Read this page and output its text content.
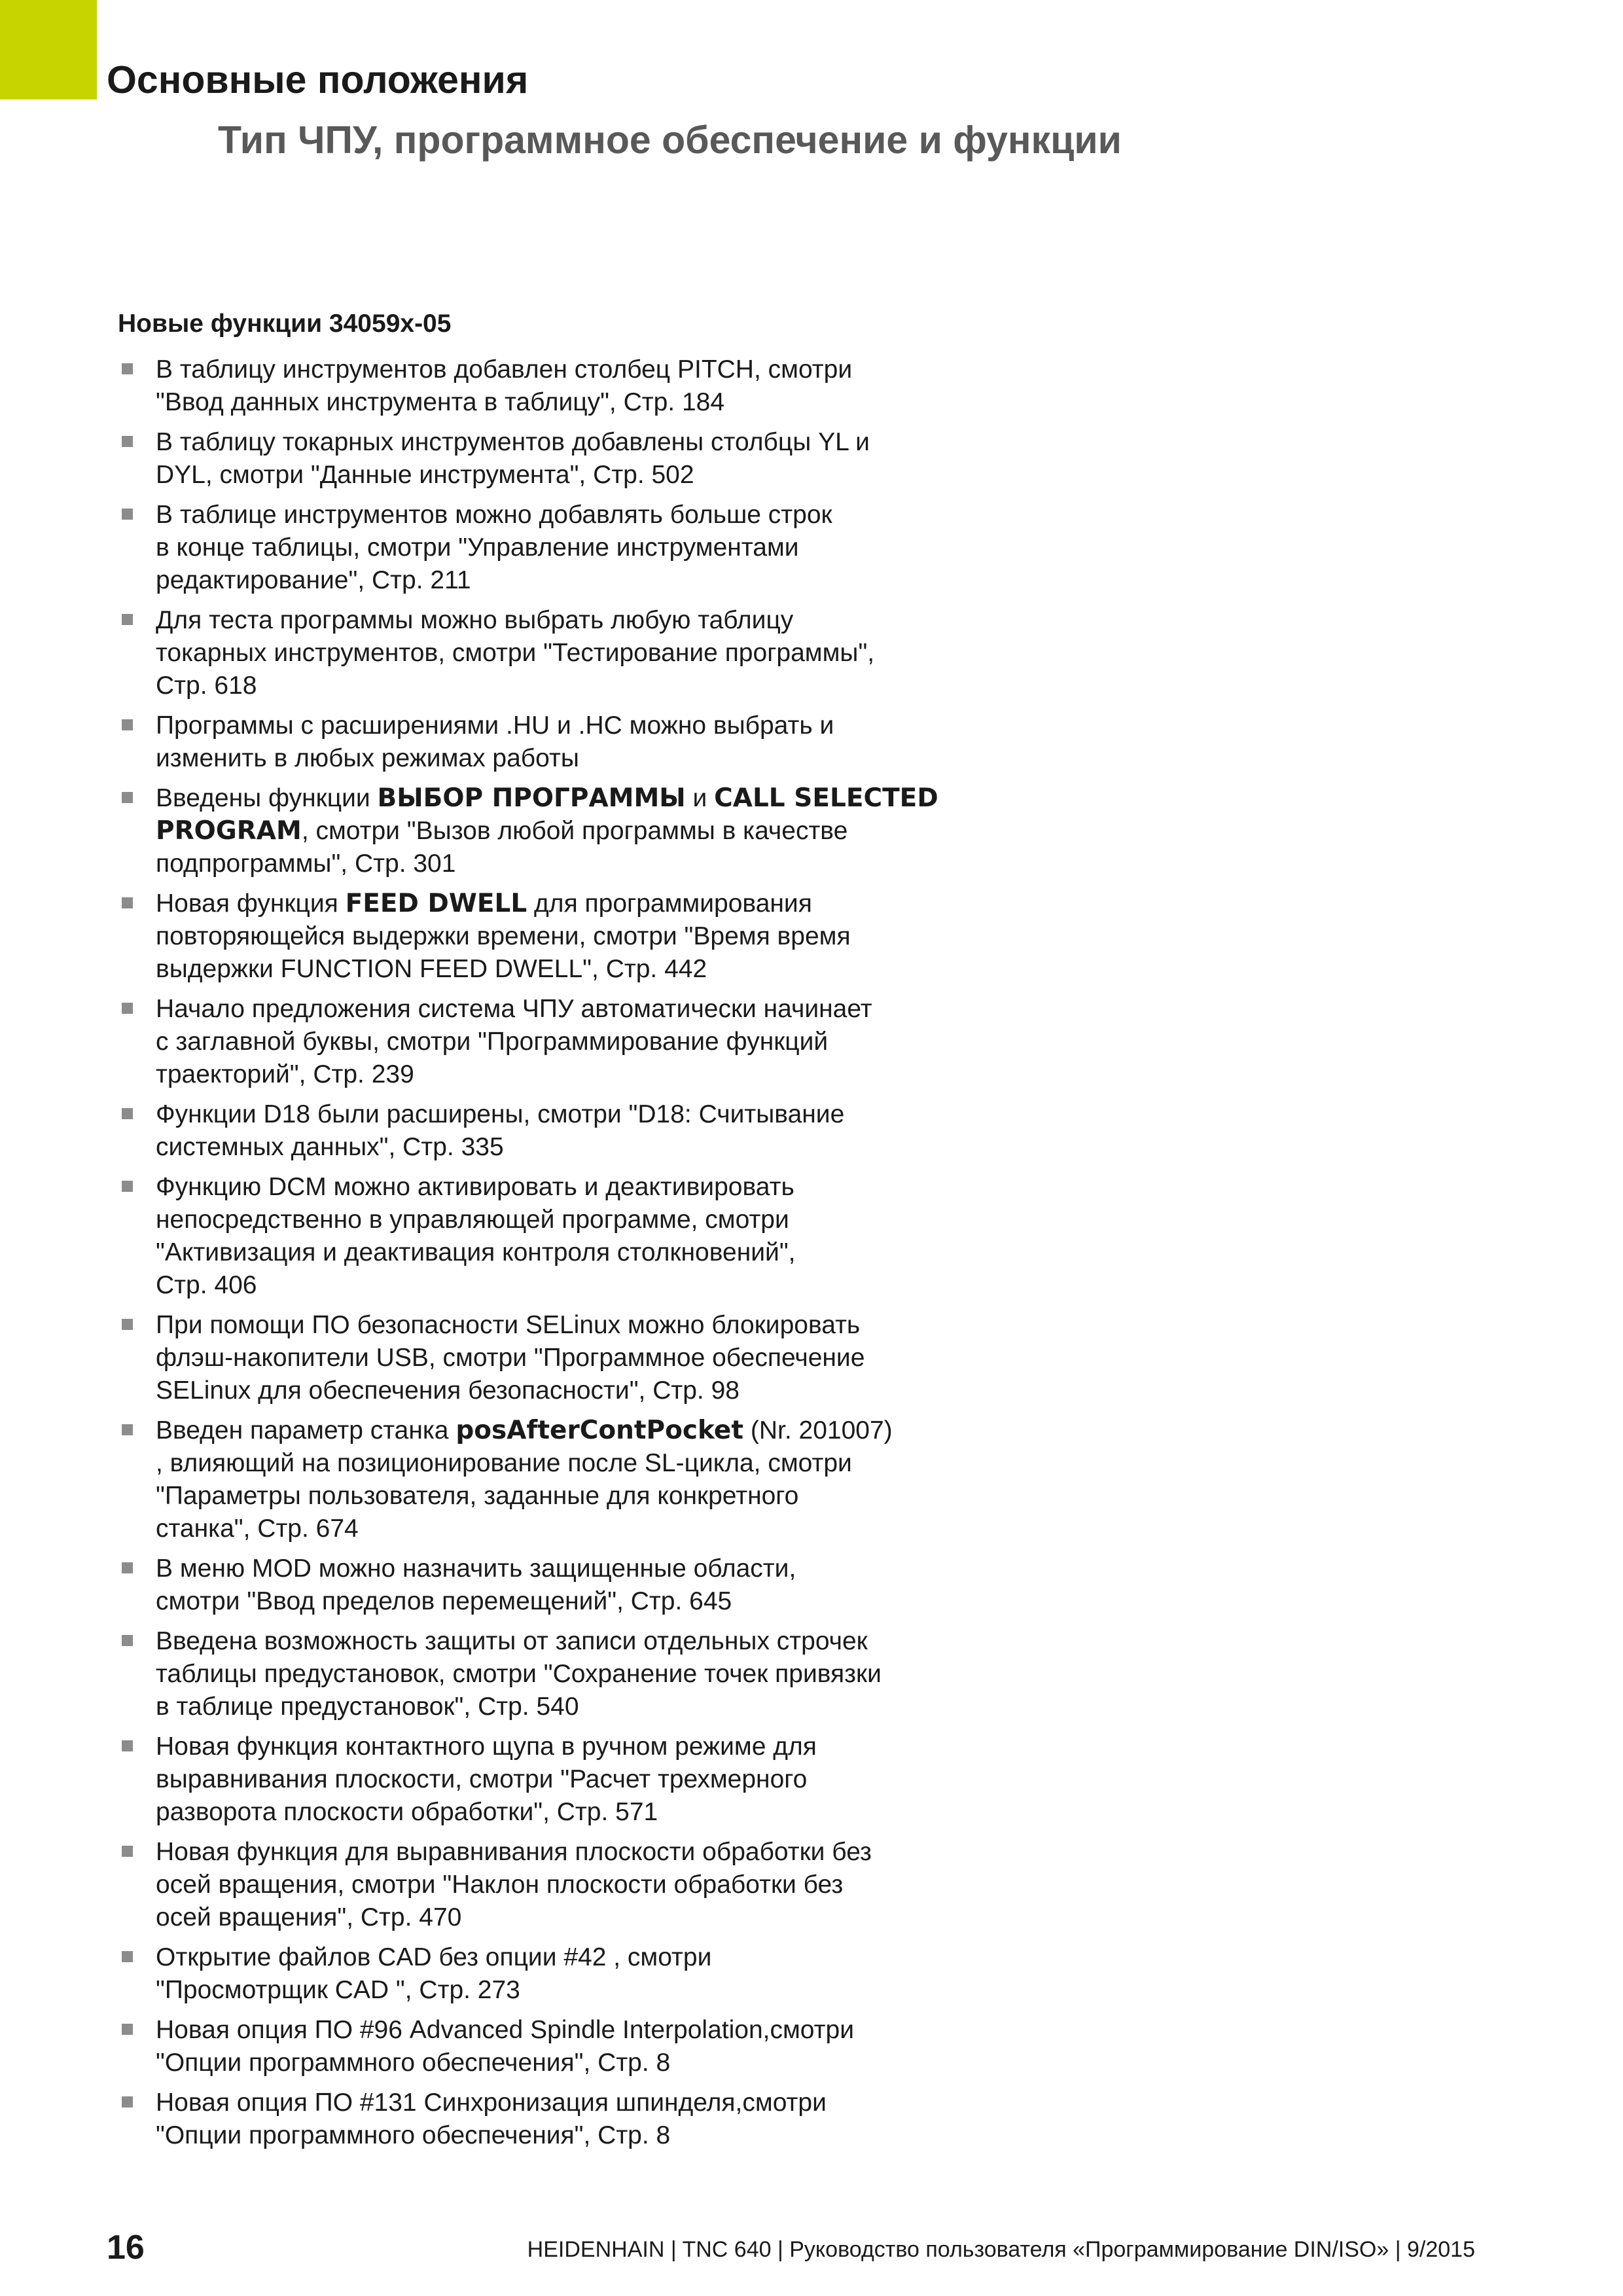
Основные положения
Тип ЧПУ, программное обеспечение и функции
Новые функции 34059x-05
В таблицу инструментов добавлен столбец PITCH, смотри
"Ввод данных инструмента в таблицу", Стр. 184
В таблицу токарных инструментов добавлены столбцы YL и
DYL, смотри "Данные инструмента", Стр. 502
В таблице инструментов можно добавлять больше строк
в конце таблицы, смотри "Управление инструментами
редактирование", Стр. 211
Для теста программы можно выбрать любую таблицу
токарных инструментов, смотри "Тестирование программы",
Стр. 618
Программы с расширениями .HU и .HC можно выбрать и
изменить в любых режимах работы
Введены функции ВЫБОР ПРОГРАММЫ и CALL SELECTED
PROGRAM, смотри "Вызов любой программы в качестве
подпрограммы", Стр. 301
Новая функция FEED DWELL для программирования
повторяющейся выдержки времени, смотри "Время время
выдержки FUNCTION FEED DWELL", Стр. 442
Начало предложения система ЧПУ автоматически начинает
с заглавной буквы, смотри "Программирование функций
траекторий", Стр. 239
Функции D18 были расширены, смотри "D18: Считывание
системных данных", Стр. 335
Функцию DCM можно активировать и деактивировать
непосредственно в управляющей программе, смотри
"Активизация и деактивация контроля столкновений",
Стр. 406
При помощи ПО безопасности SELinux можно блокировать
флэш-накопители USB, смотри "Программное обеспечение
SELinux для обеспечения безопасности", Стр. 98
Введен параметр станка posAfterContPocket (Nr. 201007)
, влияющий на позиционирование после SL-цикла, смотри
"Параметры пользователя, заданные для конкретного
станка", Стр. 674
В меню MOD можно назначить защищенные области,
смотри "Ввод пределов перемещений", Стр. 645
Введена возможность защиты от записи отдельных строчек
таблицы предустановок, смотри "Сохранение точек привязки
в таблице предустановок", Стр. 540
Новая функция контактного щупа в ручном режиме для
выравнивания плоскости, смотри "Расчет трехмерного
разворота плоскости обработки", Стр. 571
Новая функция для выравнивания плоскости обработки без
осей вращения, смотри "Наклон плоскости обработки без
осей вращения", Стр. 470
Открытие файлов CAD без опции #42 , смотри
"Просмотрщик CAD ", Стр. 273
Новая опция ПО #96 Advanced Spindle Interpolation,смотри
"Опции программного обеспечения", Стр. 8
Новая опция ПО #131 Синхронизация шпинделя,смотри
"Опции программного обеспечения", Стр. 8
16	HEIDENHAIN | TNC 640 | Руководство пользователя «Программирование DIN/ISO» | 9/2015
